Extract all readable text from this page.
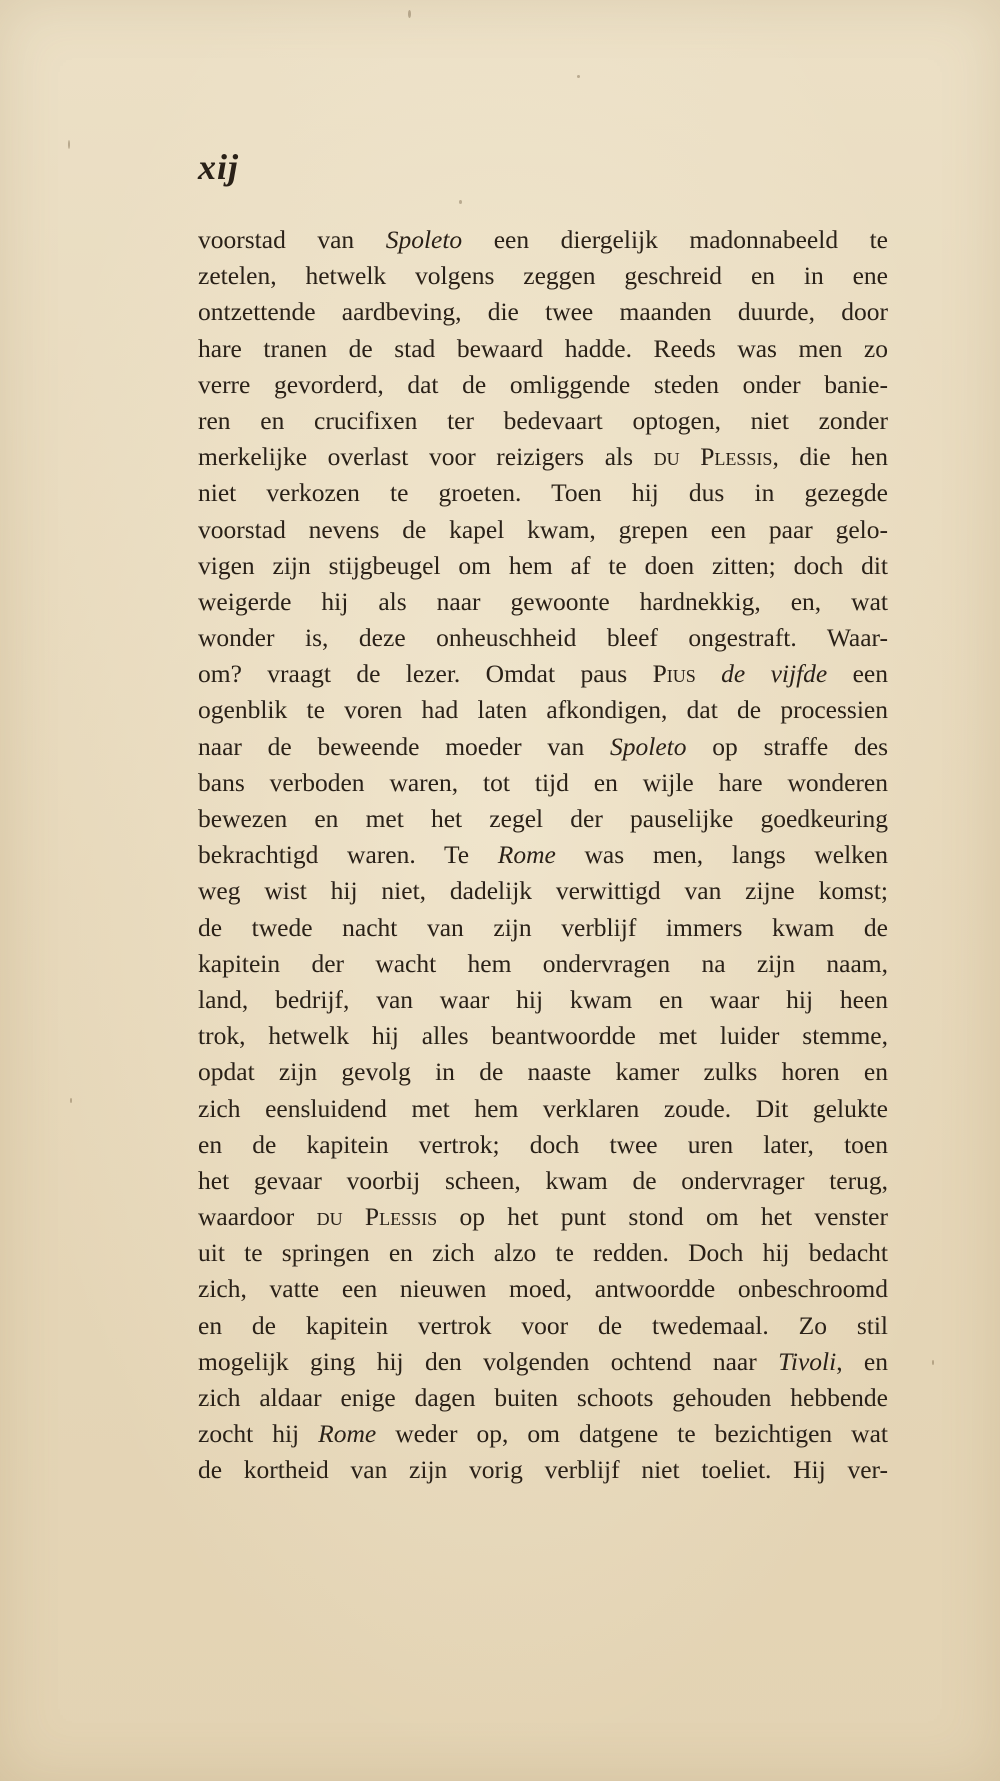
xij
voorstad van Spoleto een diergelijk madonnabeeld te
zetelen, hetwelk volgens zeggen geschreid en in ene
ontzettende aardbeving, die twee maanden duurde, door
hare tranen de stad bewaard hadde. Reeds was men zo
verre gevorderd, dat de omliggende steden onder banie-
ren en crucifixen ter bedevaart optogen, niet zonder
merkelijke overlast voor reizigers als du Plessis, die hen
niet verkozen te groeten. Toen hij dus in gezegde
voorstad nevens de kapel kwam, grepen een paar gelo-
vigen zijn stijgbeugel om hem af te doen zitten; doch dit
weigerde hij als naar gewoonte hardnekkig, en, wat
wonder is, deze onheuschheid bleef ongestraft. Waar-
om? vraagt de lezer. Omdat paus Pius de vijfde een
ogenblik te voren had laten afkondigen, dat de processien
naar de beweende moeder van Spoleto op straffe des
bans verboden waren, tot tijd en wijle hare wonderen
bewezen en met het zegel der pauselijke goedkeuring
bekrachtigd waren. Te Rome was men, langs welken
weg wist hij niet, dadelijk verwittigd van zijne komst;
de twede nacht van zijn verblijf immers kwam de
kapitein der wacht hem ondervragen na zijn naam,
land, bedrijf, van waar hij kwam en waar hij heen
trok, hetwelk hij alles beantwoordde met luider stemme,
opdat zijn gevolg in de naaste kamer zulks horen en
zich eensluidend met hem verklaren zoude. Dit gelukte
en de kapitein vertrok; doch twee uren later, toen
het gevaar voorbij scheen, kwam de ondervrager terug,
waardoor du Plessis op het punt stond om het venster
uit te springen en zich alzo te redden. Doch hij bedacht
zich, vatte een nieuwen moed, antwoordde onbeschroomd
en de kapitein vertrok voor de twedemaal. Zo stil
mogelijk ging hij den volgenden ochtend naar Tivoli, en
zich aldaar enige dagen buiten schoots gehouden hebbende
zocht hij Rome weder op, om datgene te bezichtigen wat
de kortheid van zijn vorig verblijf niet toeliet. Hij ver-
